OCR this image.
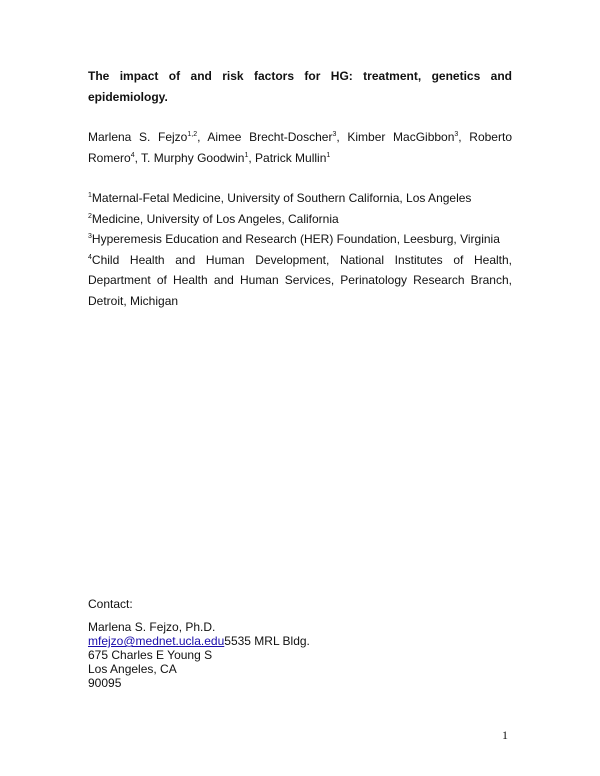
The impact of and risk factors for HG: treatment, genetics and
epidemiology.
Marlena S. Fejzo$^{1,2}$, Aimee Brecht-Doscher$^3$, Kimber MacGibbon$^3$, Roberto
Romero$^4$, T. Murphy Goodwin$^1$, Patrick Mullin$^1$
$^1$Maternal-Fetal Medicine, University of Southern California, Los Angeles
$^2$Medicine, University of Los Angeles, California
$^3$Hyperemesis Education and Research (HER) Foundation, Leesburg, Virginia
$^4$Child Health and Human Development, National Institutes of Health,
Department of Health and Human Services, Perinatology Research Branch,
Detroit, Michigan
Contact:
Marlena S. Fejzo, Ph.D.
mfejzo@mednet.ucla.edu5535 MRL Bldg.
675 Charles E Young S
Los Angeles, CA
90095
1
